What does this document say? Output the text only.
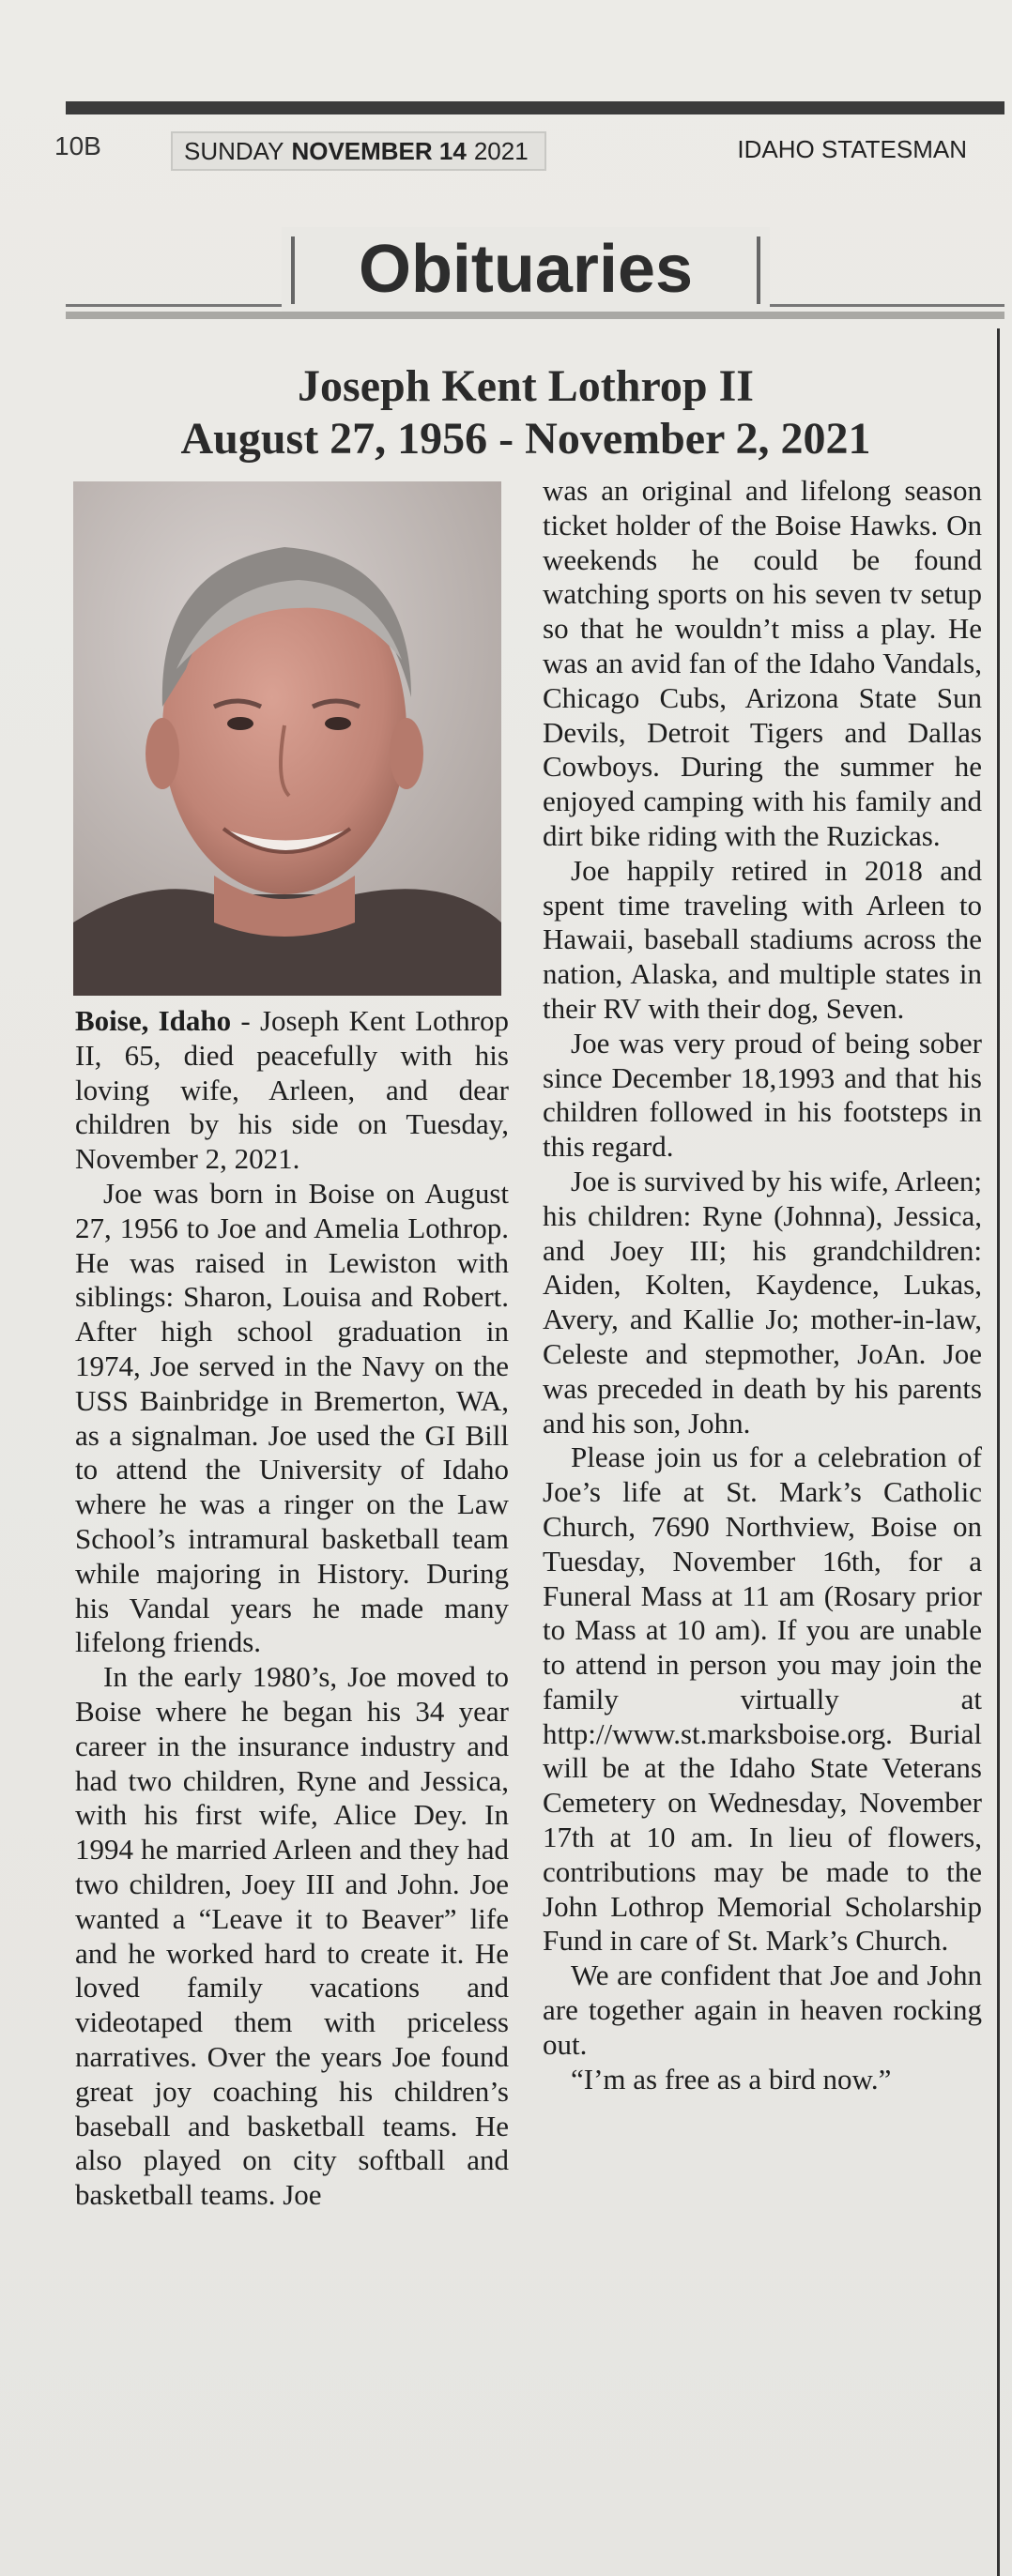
10B	SUNDAY NOVEMBER 14 2021	IDAHO STATESMAN
Obituaries
Joseph Kent Lothrop II
August 27, 1956 - November 2, 2021

Boise, Idaho - Joseph Kent Lothrop II, 65, died peacefully with his loving wife, Arleen, and dear children by his side on Tuesday, November 2, 2021.

Joe was born in Boise on August 27, 1956 to Joe and Amelia Lothrop. He was raised in Lewiston with siblings: Sharon, Louisa and Robert. After high school graduation in 1974, Joe served in the Navy on the USS Bainbridge in Bremerton, WA, as a signalman. Joe used the GI Bill to attend the University of Idaho where he was a ringer on the Law School’s intramural basketball team while majoring in History. During his Vandal years he made many lifelong friends.

In the early 1980’s, Joe moved to Boise where he began his 34 year career in the insurance industry and had two children, Ryne and Jessica, with his first wife, Alice Dey. In 1994 he married Arleen and they had two children, Joey III and John. Joe wanted a “Leave it to Beaver” life and he worked hard to create it. He loved family vacations and videotaped them with priceless narratives. Over the years Joe found great joy coaching his children’s baseball and basketball teams. He also played on city softball and basketball teams. Joe

was an original and lifelong season ticket holder of the Boise Hawks. On weekends he could be found watching sports on his seven tv setup so that he wouldn’t miss a play. He was an avid fan of the Idaho Vandals, Chicago Cubs, Arizona State Sun Devils, Detroit Tigers and Dallas Cowboys. During the summer he enjoyed camping with his family and dirt bike riding with the Ruzickas.

Joe happily retired in 2018 and spent time traveling with Arleen to Hawaii, baseball stadiums across the nation, Alaska, and multiple states in their RV with their dog, Seven.

Joe was very proud of being sober since December 18,1993 and that his children followed in his footsteps in this regard.

Joe is survived by his wife, Arleen; his children: Ryne (Johnna), Jessica, and Joey III; his grandchildren: Aiden, Kolten, Kaydence, Lukas, Avery, and Kallie Jo; mother-in-law, Celeste and stepmother, JoAn. Joe was preceded in death by his parents and his son, John.

Please join us for a celebration of Joe’s life at St. Mark’s Catholic Church, 7690 Northview, Boise on Tuesday, November 16th, for a Funeral Mass at 11 am (Rosary prior to Mass at 10 am). If you are unable to attend in person you may join the family virtually at http://www.st.marksboise.org. Burial will be at the Idaho State Veterans Cemetery on Wednesday, November 17th at 10 am. In lieu of flowers, contributions may be made to the John Lothrop Memorial Scholarship Fund in care of St. Mark’s Church.

We are confident that Joe and John are together again in heaven rocking out.

“I’m as free as a bird now.”
